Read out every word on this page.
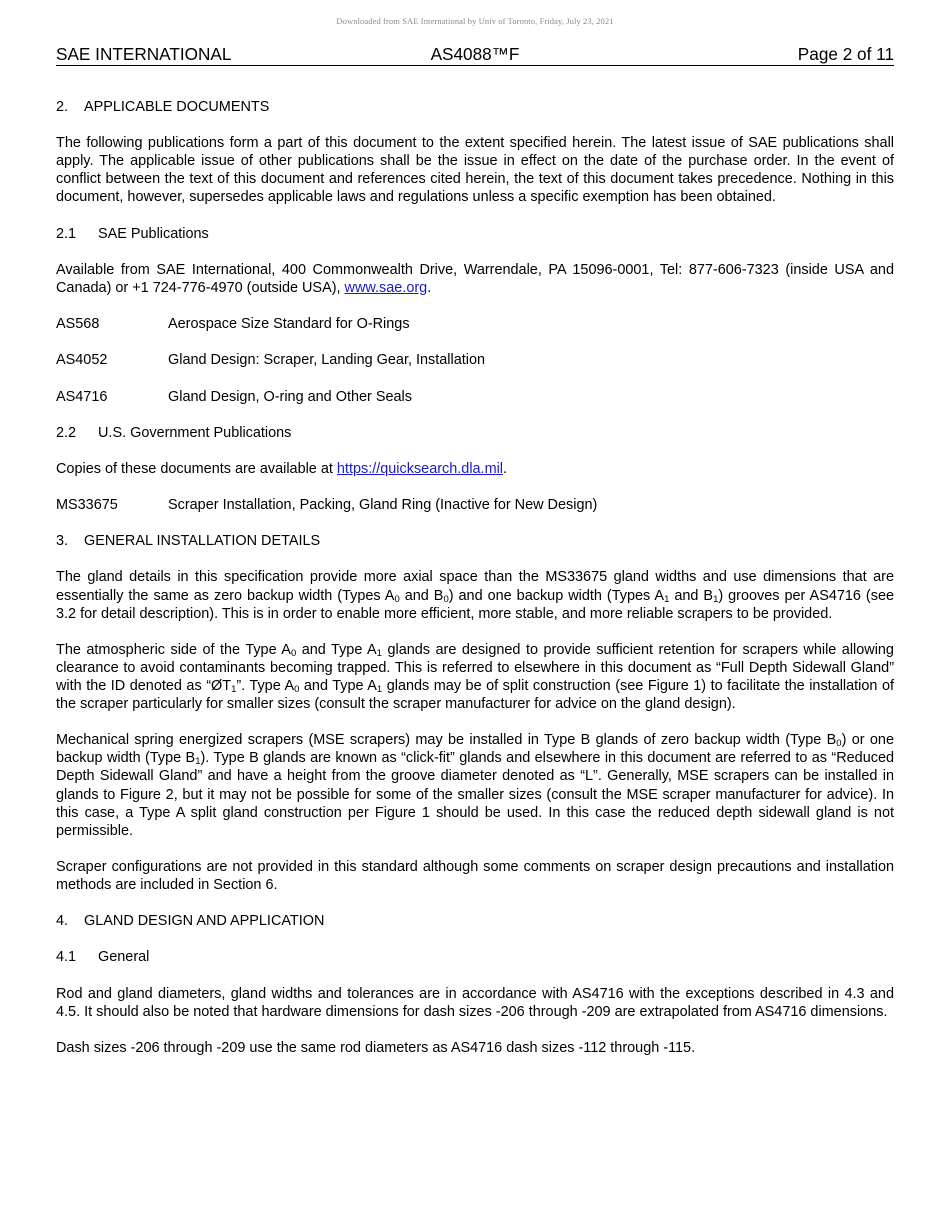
Downloaded from SAE International by Univ of Toronto, Friday, July 23, 2021
SAE INTERNATIONAL	AS4088™F	Page 2 of 11
2. APPLICABLE DOCUMENTS
The following publications form a part of this document to the extent specified herein. The latest issue of SAE publications shall apply. The applicable issue of other publications shall be the issue in effect on the date of the purchase order. In the event of conflict between the text of this document and references cited herein, the text of this document takes precedence. Nothing in this document, however, supersedes applicable laws and regulations unless a specific exemption has been obtained.
2.1 SAE Publications
Available from SAE International, 400 Commonwealth Drive, Warrendale, PA 15096-0001, Tel: 877-606-7323 (inside USA and Canada) or +1 724-776-4970 (outside USA), www.sae.org.
AS568	Aerospace Size Standard for O-Rings
AS4052	Gland Design: Scraper, Landing Gear, Installation
AS4716	Gland Design, O-ring and Other Seals
2.2 U.S. Government Publications
Copies of these documents are available at https://quicksearch.dla.mil.
MS33675	Scraper Installation, Packing, Gland Ring (Inactive for New Design)
3. GENERAL INSTALLATION DETAILS
The gland details in this specification provide more axial space than the MS33675 gland widths and use dimensions that are essentially the same as zero backup width (Types $A_0$ and $B_0$) and one backup width (Types $A_1$ and $B_1$) grooves per AS4716 (see 3.2 for detail description). This is in order to enable more efficient, more stable, and more reliable scrapers to be provided.
The atmospheric side of the Type $A_0$ and Type $A_1$ glands are designed to provide sufficient retention for scrapers while allowing clearance to avoid contaminants becoming trapped. This is referred to elsewhere in this document as “Full Depth Sidewall Gland” with the ID denoted as “$ØT_1$”. Type $A_0$ and Type $A_1$ glands may be of split construction (see Figure 1) to facilitate the installation of the scraper particularly for smaller sizes (consult the scraper manufacturer for advice on the gland design).
Mechanical spring energized scrapers (MSE scrapers) may be installed in Type B glands of zero backup width (Type $B_0$) or one backup width (Type $B_1$). Type B glands are known as “click-fit” glands and elsewhere in this document are referred to as “Reduced Depth Sidewall Gland” and have a height from the groove diameter denoted as “L”. Generally, MSE scrapers can be installed in glands to Figure 2, but it may not be possible for some of the smaller sizes (consult the MSE scraper manufacturer for advice). In this case, a Type A split gland construction per Figure 1 should be used. In this case the reduced depth sidewall gland is not permissible.
Scraper configurations are not provided in this standard although some comments on scraper design precautions and installation methods are included in Section 6.
4. GLAND DESIGN AND APPLICATION
4.1 General
Rod and gland diameters, gland widths and tolerances are in accordance with AS4716 with the exceptions described in 4.3 and 4.5. It should also be noted that hardware dimensions for dash sizes -206 through -209 are extrapolated from AS4716 dimensions.
Dash sizes -206 through -209 use the same rod diameters as AS4716 dash sizes -112 through -115.
